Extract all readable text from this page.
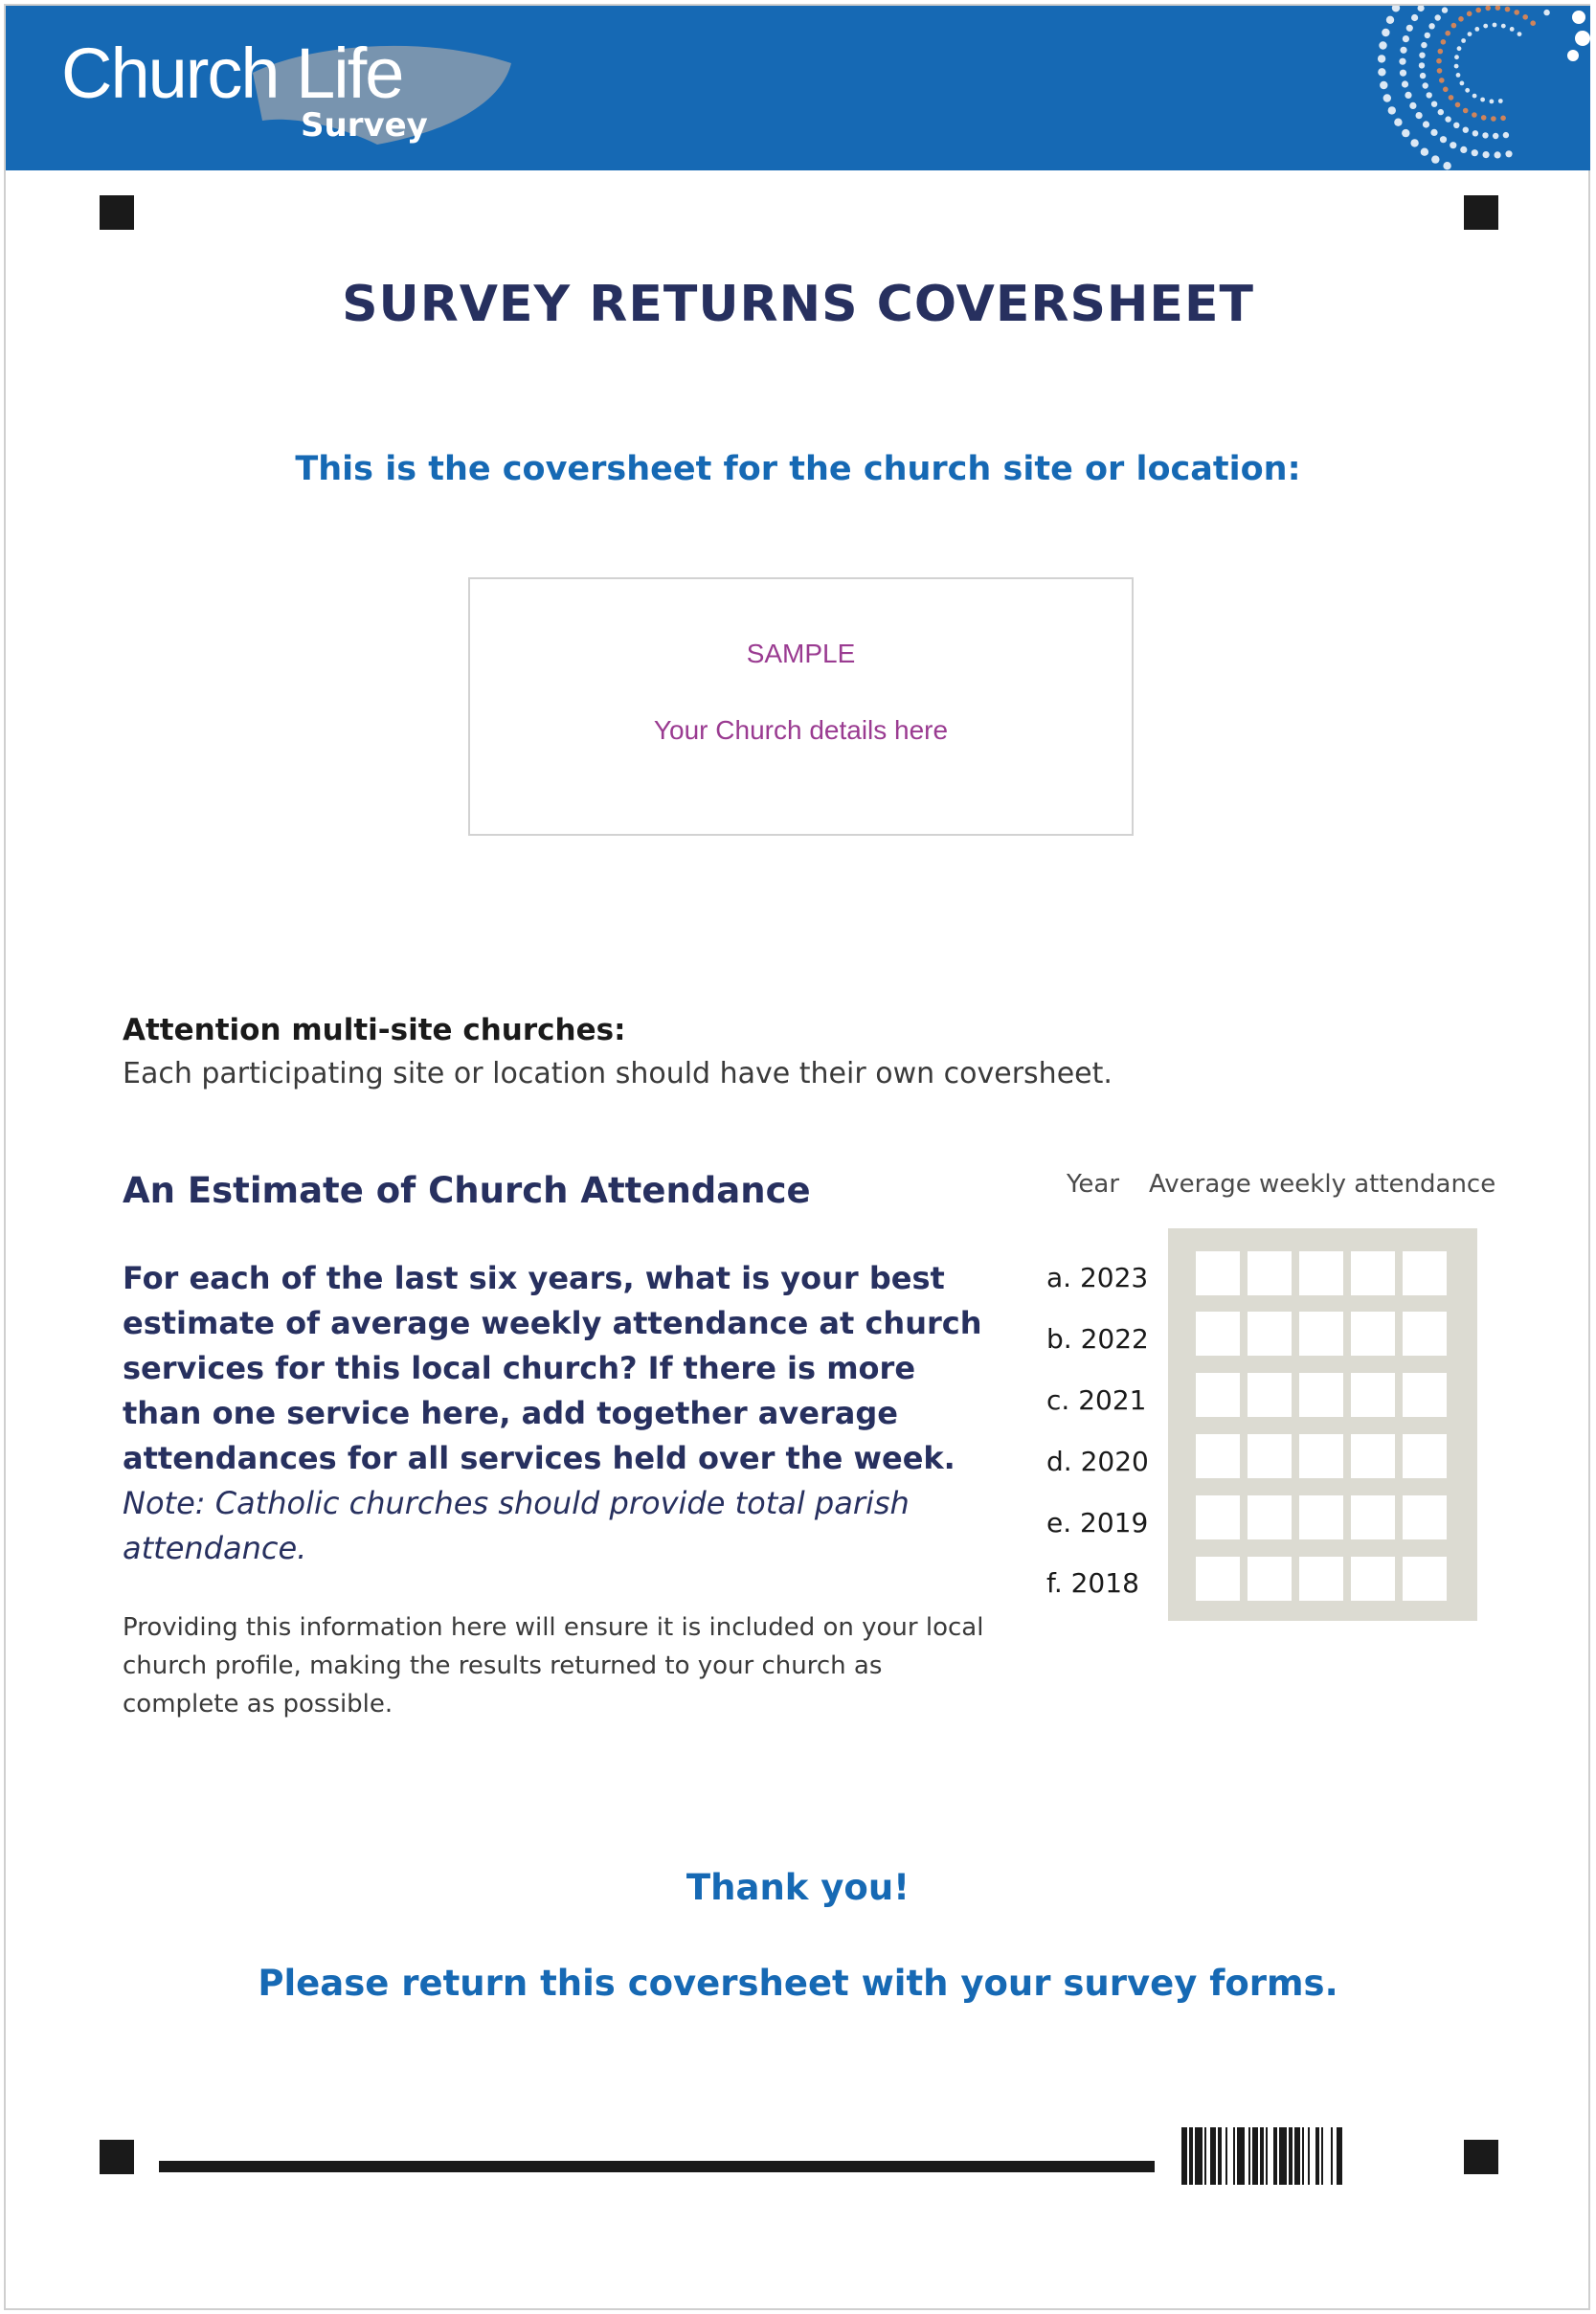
Church Life
Survey
SURVEY RETURNS COVERSHEET
This is the coversheet for the church site or location:
SAMPLE
Your Church details here
Attention multi-site churches:
Each participating site or location should have their own coversheet.
An Estimate of Church Attendance
For each of the last six years, what is your best estimate of average weekly attendance at church services for this local church? If there is more than one service here, add together average attendances for all services held over the week.
Note: Catholic churches should provide total parish attendance.
Providing this information here will ensure it is included on your local church profile, making the results returned to your church as complete as possible.
Year Average weekly attendance
a. 2023
b. 2022
c. 2021
d. 2020
e. 2019
f. 2018
Thank you!
Please return this coversheet with your survey forms.
